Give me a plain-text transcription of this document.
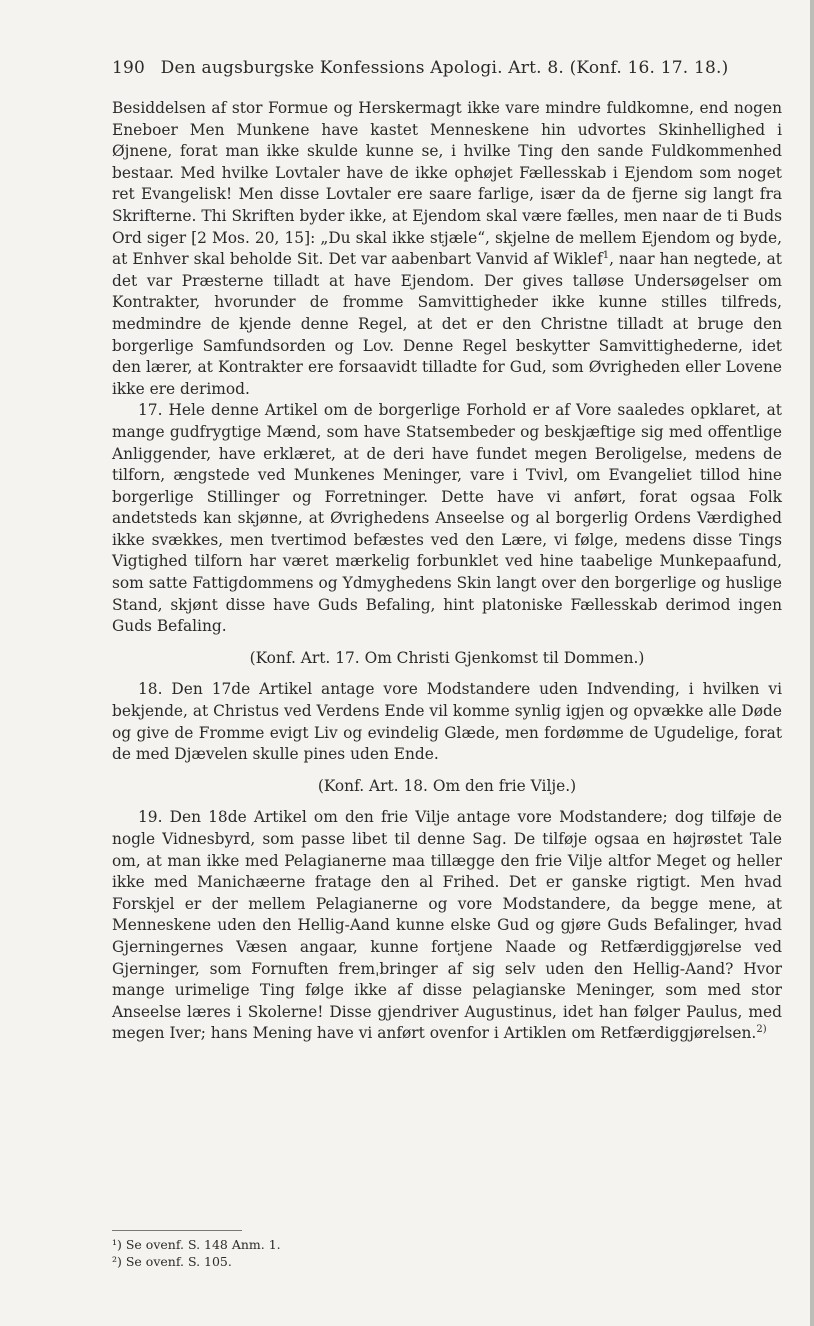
190 Den augsburgske Konfessions Apologi. Art. 8. (Konf. 16. 17. 18.)

Besiddelsen af stor Formue og Herskermagt ikke vare mindre fuldkomne, end nogen Eneboer Men Munkene have kastet Menneskene hin udvortes Skinhellighed i Øjnene, forat man ikke skulde kunne se, i hvilke Ting den sande Fuldkommenhed bestaar. Med hvilke Lovtaler have de ikke ophøjet Fællesskab i Ejendom som noget ret Evangelisk! Men disse Lovtaler ere saare farlige, især da de fjerne sig langt fra Skrifterne. Thi Skriften byder ikke, at Ejendom skal være fælles, men naar de ti Buds Ord siger [2 Mos. 20, 15]: „Du skal ikke stjæle“, skjelne de mellem Ejendom og byde, at Enhver skal beholde Sit. Det var aabenbart Vanvid af Wiklef$^1$, naar han negtede, at det var Præsterne tilladt at have Ejendom. Der gives talløse Undersøgelser om Kontrakter, hvorunder de fromme Samvittigheder ikke kunne stilles tilfreds, medmindre de kjende denne Regel, at det er den Christne tilladt at bruge den borgerlige Samfundsorden og Lov. Denne Regel beskytter Samvittighederne, idet den lærer, at Kontrakter ere forsaavidt tilladte for Gud, som Øvrigheden eller Lovene ikke ere derimod.

17. Hele denne Artikel om de borgerlige Forhold er af Vore saaledes opklaret, at mange gudfrygtige Mænd, som have Statsembeder og beskjæftige sig med offentlige Anliggender, have erklæret, at de deri have fundet megen Beroligelse, medens de tilforn, ængstede ved Munkenes Meninger, vare i Tvivl, om Evangeliet tillod hine borgerlige Stillinger og Forretninger. Dette have vi anført, forat ogsaa Folk andetsteds kan skjønne, at Øvrighedens Anseelse og al borgerlig Ordens Værdighed ikke svækkes, men tvertimod befæstes ved den Lære, vi følge, medens disse Tings Vigtighed tilforn har været mærkelig forbunklet ved hine taabelige Munkepaafund, som satte Fattigdommens og Ydmyghedens Skin langt over den borgerlige og huslige Stand, skjønt disse have Guds Befaling, hint platoniske Fællesskab derimod ingen Guds Befaling.

(Konf. Art. 17. Om Christi Gjenkomst til Dommen.)

18. Den 17de Artikel antage vore Modstandere uden Indvending, i hvilken vi bekjende, at Christus ved Verdens Ende vil komme synlig igjen og opvække alle Døde og give de Fromme evigt Liv og evindelig Glæde, men fordømme de Ugudelige, forat de med Djævelen skulle pines uden Ende.

(Konf. Art. 18. Om den frie Vilje.)

19. Den 18de Artikel om den frie Vilje antage vore Modstandere; dog tilføje de nogle Vidnesbyrd, som passe libet til denne Sag. De tilføje ogsaa en højrøstet Tale om, at man ikke med Pelagianerne maa tillægge den frie Vilje altfor Meget og heller ikke med Manichæerne fratage den al Frihed. Det er ganske rigtigt. Men hvad Forskjel er der mellem Pelagianerne og vore Modstandere, da begge mene, at Menneskene uden den Hellig-Aand kunne elske Gud og gjøre Guds Befalinger, hvad Gjerningernes Væsen angaar, kunne fortjene Naade og Retfærdiggjørelse ved Gjerninger, som Fornuften fremˌbringer af sig selv uden den Hellig-Aand? Hvor mange urimelige Ting følge ikke af disse pelagianske Meninger, som med stor Anseelse læres i Skolerne! Disse gjendriver Augustinus, idet han følger Paulus, med megen Iver; hans Mening have vi anført ovenfor i Artiklen om Retfærdiggjørelsen.$^{2)}$

¹) Se ovenf. S. 148 Anm. 1.
²) Se ovenf. S. 105.
